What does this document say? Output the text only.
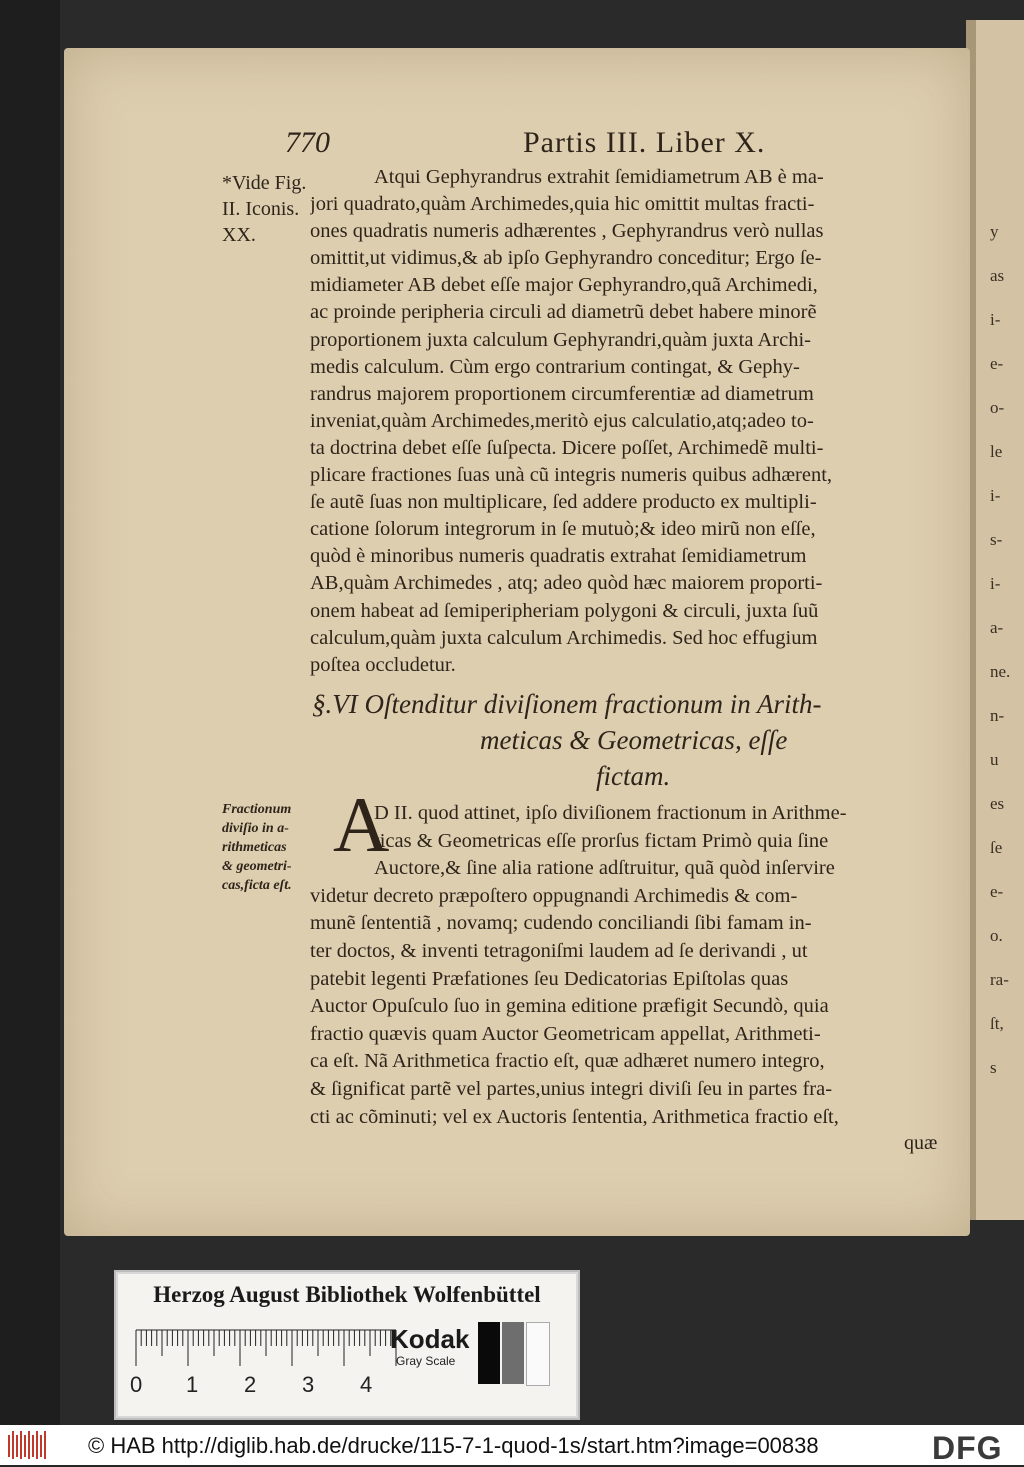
y
as
i-
e-
o-
le
i-
s-
i-
a-
ne.
n-
u
es
ſe
e-
o.
ra-
ſt,
s
770	Partis III. Liber X.
*Vide Fig.
II. Iconis.
XX.
Atqui Gephyrandrus extrahit ſemidiametrum AB è ma-
jori quadrato,quàm Archimedes,quia hic omittit multas fracti-
ones quadratis numeris adhærentes , Gephyrandrus verò nullas
omittit,ut vidimus,& ab ipſo Gephyrandro conceditur; Ergo ſe-
midiameter AB debet eſſe major Gephyrandro,quã Archimedi,
ac proinde peripheria circuli ad diametrũ debet habere minorẽ
proportionem juxta calculum Gephyrandri,quàm juxta Archi-
medis calculum. Cùm ergo contrarium contingat, & Gephy-
randrus majorem proportionem circumferentiæ ad diametrum
inveniat,quàm Archimedes,meritò ejus calculatio,atq;adeo to-
ta doctrina debet eſſe ſuſpecta. Dicere poſſet, Archimedẽ multi-
plicare fractiones ſuas unà cũ integris numeris quibus adhærent,
ſe autẽ ſuas non multiplicare, ſed addere producto ex multipli-
catione ſolorum integrorum in ſe mutuò;& ideo mirũ non eſſe,
quòd è minoribus numeris quadratis extrahat ſemidiametrum
AB,quàm Archimedes , atq; adeo quòd hæc maiorem proporti-
onem habeat ad ſemiperipheriam polygoni & circuli, juxta ſuũ
calculum,quàm juxta calculum Archimedis. Sed hoc effugium
poſtea occludetur.
§.VI Oſtenditur diviſionem fractionum in Arith-
meticas & Geometricas, eſſe
fictam.
Fractionum
diviſio in a-
rithmeticas
& geometri-
cas,ficta eſt.
A
D II. quod attinet, ipſo diviſionem fractionum in Arithme-
ticas & Geometricas eſſe prorſus fictam Primò quia ſine
Auctore,& ſine alia ratione adſtruitur, quã quòd inſervire
videtur decreto præpoſtero oppugnandi Archimedis & com-
munẽ ſententiã , novamq; cudendo conciliandi ſibi famam in-
ter doctos, & inventi tetragoniſmi laudem ad ſe derivandi , ut
patebit legenti Præfationes ſeu Dedicatorias Epiſtolas quas
Auctor Opuſculo ſuo in gemina editione præfigit Secundò, quia
fractio quævis quam Auctor Geometricam appellat, Arithmeti-
ca eſt. Nã Arithmetica fractio eſt, quæ adhæret numero integro,
& ſignificat partẽ vel partes,unius integri diviſi ſeu in partes fra-
cti ac cõminuti; vel ex Auctoris ſententia, Arithmetica fractio eſt,
quæ
Herzog August Bibliothek Wolfenbüttel
0 1 2 3 4
Kodak
Gray Scale
© HAB http://diglib.hab.de/drucke/115-7-1-quod-1s/start.htm?image=00838	DFG
